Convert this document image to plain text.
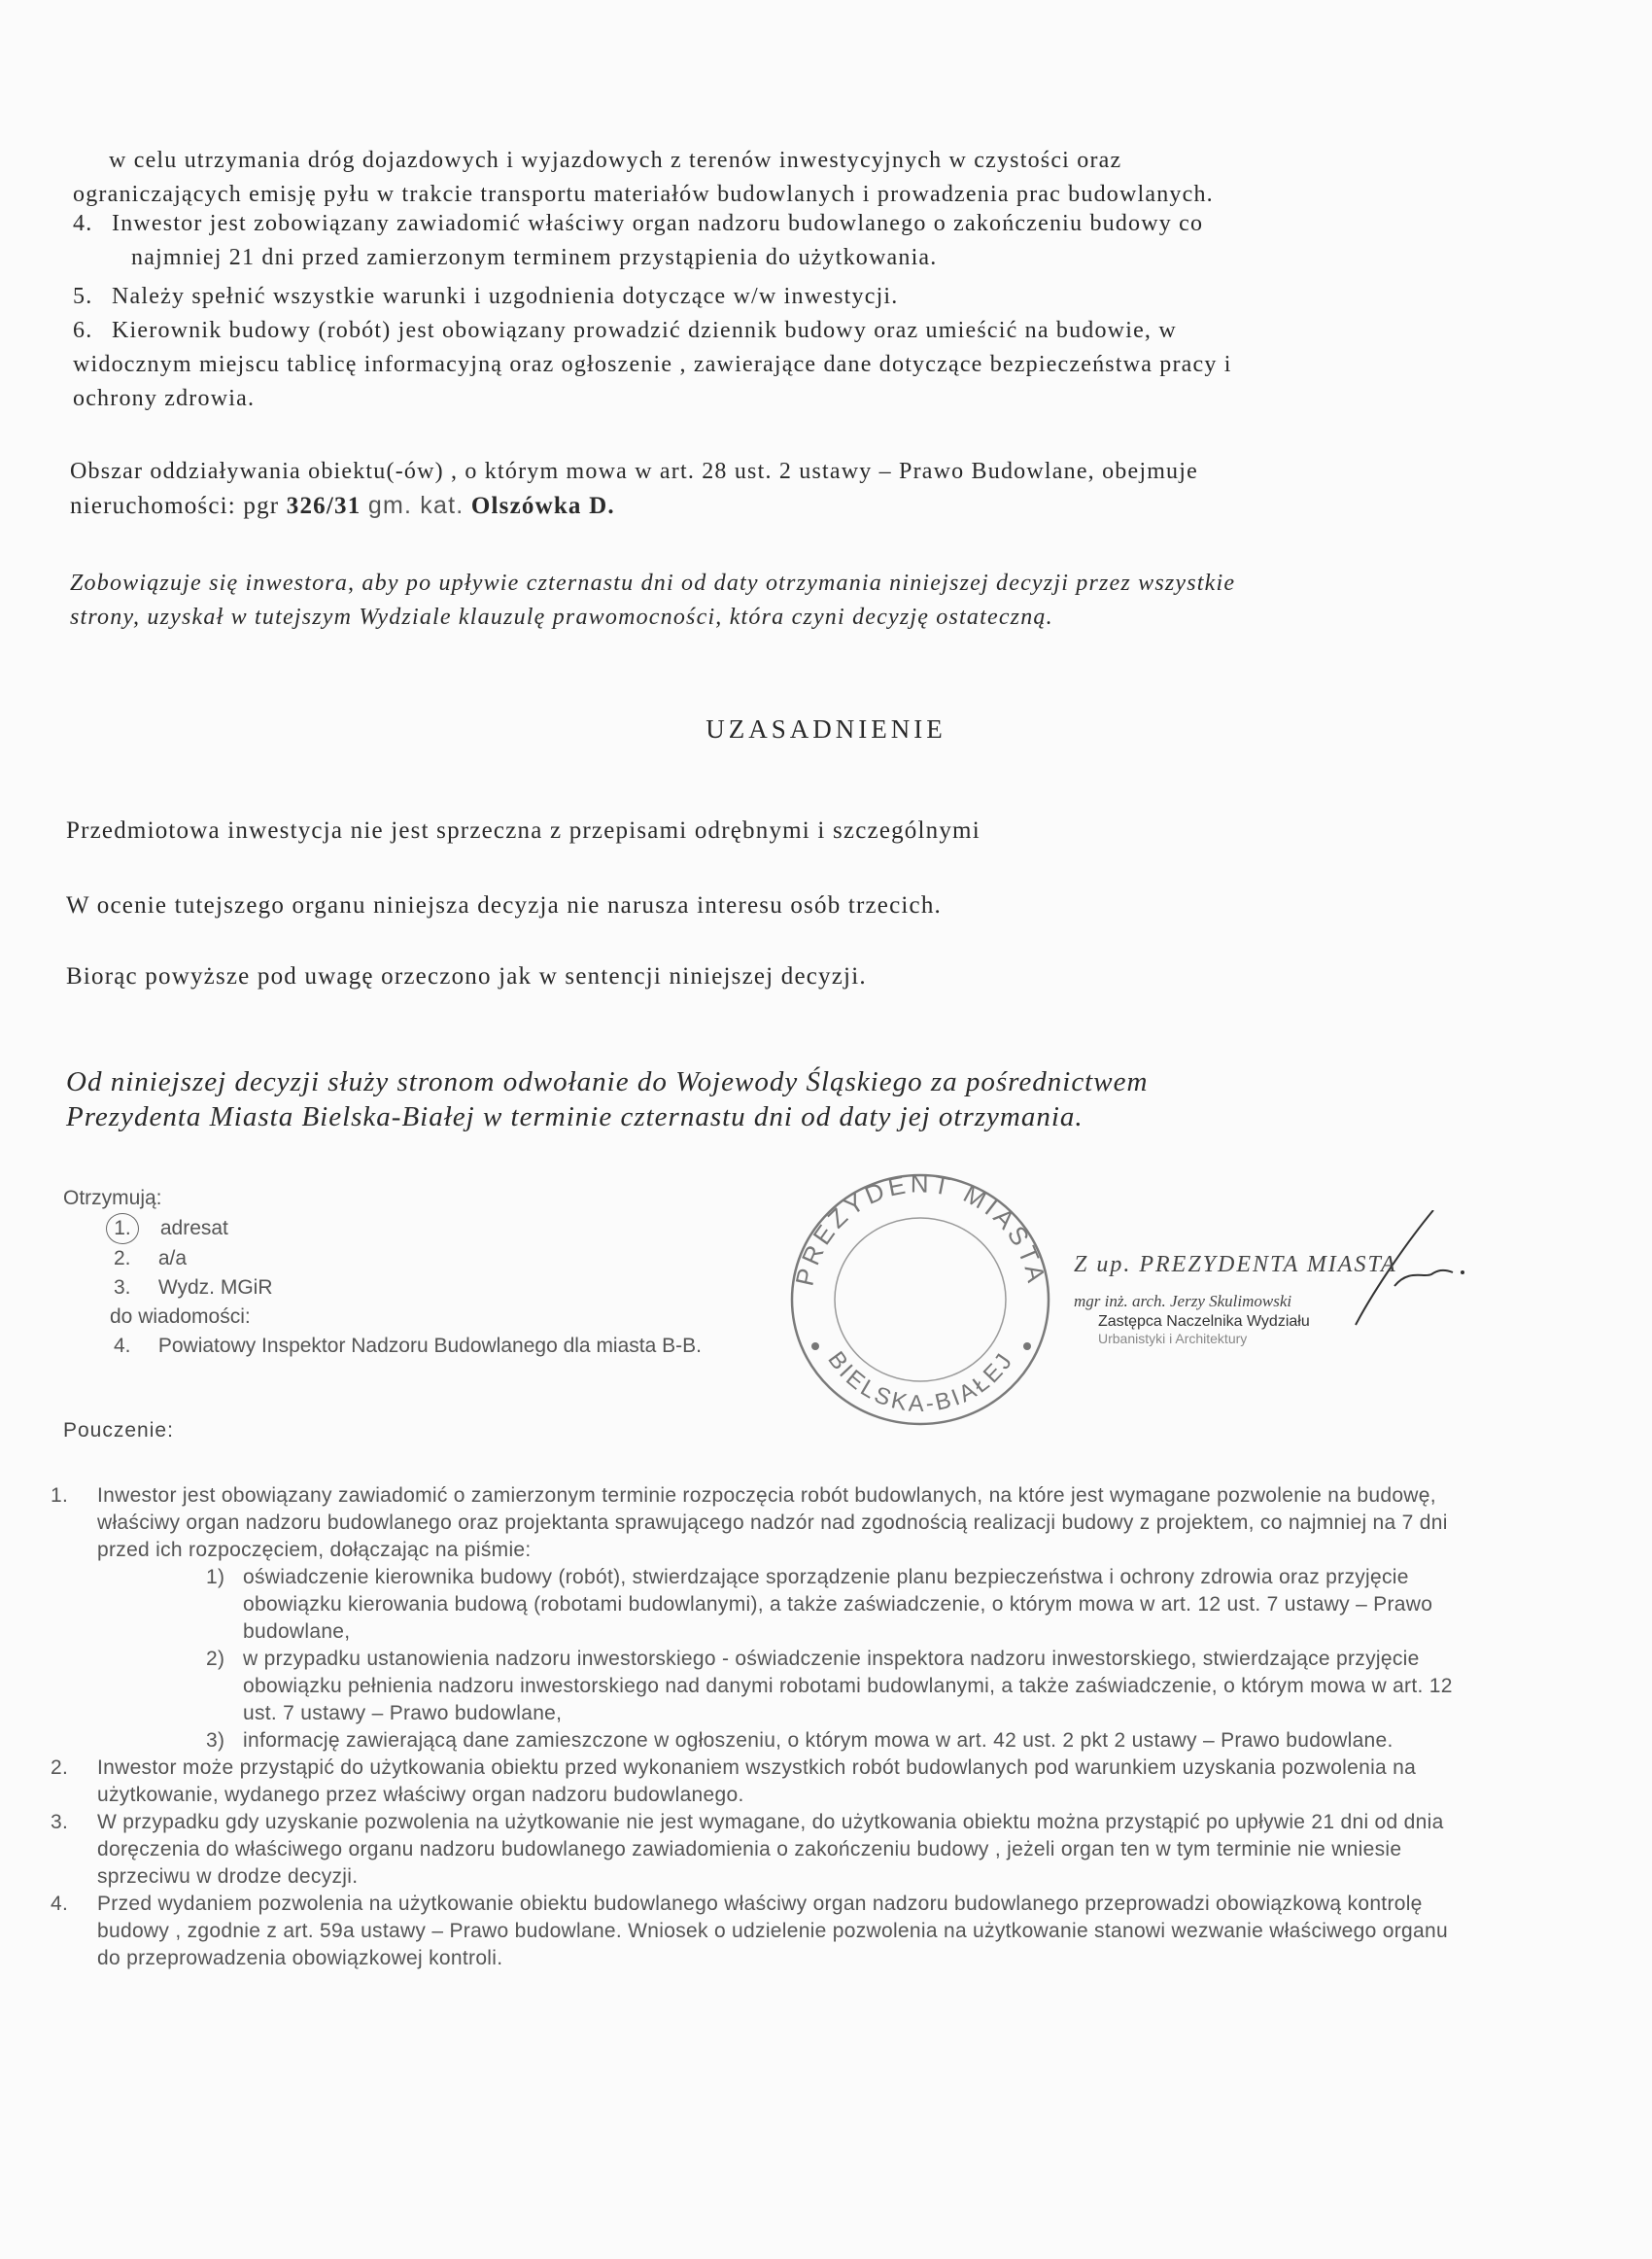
w celu utrzymania dróg dojazdowych i wyjazdowych z terenów inwestycyjnych w czystości oraz
ograniczających emisję pyłu w trakcie transportu materiałów budowlanych i prowadzenia prac budowlanych.
4. Inwestor jest zobowiązany zawiadomić właściwy organ nadzoru budowlanego o zakończeniu budowy co
najmniej 21 dni przed zamierzonym terminem przystąpienia do użytkowania.
5. Należy spełnić wszystkie warunki i uzgodnienia dotyczące w/w inwestycji.
6. Kierownik budowy (robót) jest obowiązany prowadzić dziennik budowy oraz umieścić na budowie, w
widocznym miejscu tablicę informacyjną oraz ogłoszenie , zawierające dane dotyczące bezpieczeństwa pracy i
ochrony zdrowia.
Obszar oddziaływania obiektu(-ów) , o którym mowa w art. 28 ust. 2 ustawy – Prawo Budowlane, obejmuje
nieruchomości: pgr 326/31 gm. kat. Olszówka D.
Zobowiązuje się inwestora, aby po upływie czternastu dni od daty otrzymania niniejszej decyzji przez wszystkie
strony, uzyskał w tutejszym Wydziale klauzulę prawomocności, która czyni decyzję ostateczną.
UZASADNIENIE
Przedmiotowa inwestycja nie jest sprzeczna z przepisami odrębnymi i szczególnymi
W ocenie tutejszego organu niniejsza decyzja nie narusza interesu osób trzecich.
Biorąc powyższe pod uwagę orzeczono jak w sentencji niniejszej decyzji.
Od niniejszej decyzji służy stronom odwołanie do Wojewody Śląskiego za pośrednictwem
Prezydenta Miasta Bielska-Białej w terminie czternastu dni od daty jej otrzymania.
Otrzymują:
1. adresat
2. a/a
3. Wydz. MGiR
do wiadomości:
4. Powiatowy Inspektor Nadzoru Budowlanego dla miasta B-B.
PREZYDENT MIASTA
BIELSKA-BIAŁEJ
Z up. PREZYDENTA MIASTA
mgr inż. arch. Jerzy Skulimowski
Zastępca Naczelnika Wydziału
Urbanistyki i Architektury
Pouczenie:
1. Inwestor jest obowiązany zawiadomić o zamierzonym terminie rozpoczęcia robót budowlanych, na które jest wymagane pozwolenie na budowę, właściwy organ nadzoru budowlanego oraz projektanta sprawującego nadzór nad zgodnością realizacji budowy z projektem, co najmniej na 7 dni przed ich rozpoczęciem, dołączając na piśmie:
1) oświadczenie kierownika budowy (robót), stwierdzające sporządzenie planu bezpieczeństwa i ochrony zdrowia oraz przyjęcie obowiązku kierowania budową (robotami budowlanymi), a także zaświadczenie, o którym mowa w art. 12 ust. 7 ustawy – Prawo budowlane,
2) w przypadku ustanowienia nadzoru inwestorskiego - oświadczenie inspektora nadzoru inwestorskiego, stwierdzające przyjęcie obowiązku pełnienia nadzoru inwestorskiego nad danymi robotami budowlanymi, a także zaświadczenie, o którym mowa w art. 12 ust. 7 ustawy – Prawo budowlane,
3) informację zawierającą dane zamieszczone w ogłoszeniu, o którym mowa w art. 42 ust. 2 pkt 2 ustawy – Prawo budowlane.
2. Inwestor może przystąpić do użytkowania obiektu przed wykonaniem wszystkich robót budowlanych pod warunkiem uzyskania pozwolenia na użytkowanie, wydanego przez właściwy organ nadzoru budowlanego.
3. W przypadku gdy uzyskanie pozwolenia na użytkowanie nie jest wymagane, do użytkowania obiektu można przystąpić po upływie 21 dni od dnia doręczenia do właściwego organu nadzoru budowlanego zawiadomienia o zakończeniu budowy , jeżeli organ ten w tym terminie nie wniesie sprzeciwu w drodze decyzji.
4. Przed wydaniem pozwolenia na użytkowanie obiektu budowlanego właściwy organ nadzoru budowlanego przeprowadzi obowiązkową kontrolę budowy , zgodnie z art. 59a ustawy – Prawo budowlane. Wniosek o udzielenie pozwolenia na użytkowanie stanowi wezwanie właściwego organu do przeprowadzenia obowiązkowej kontroli.
